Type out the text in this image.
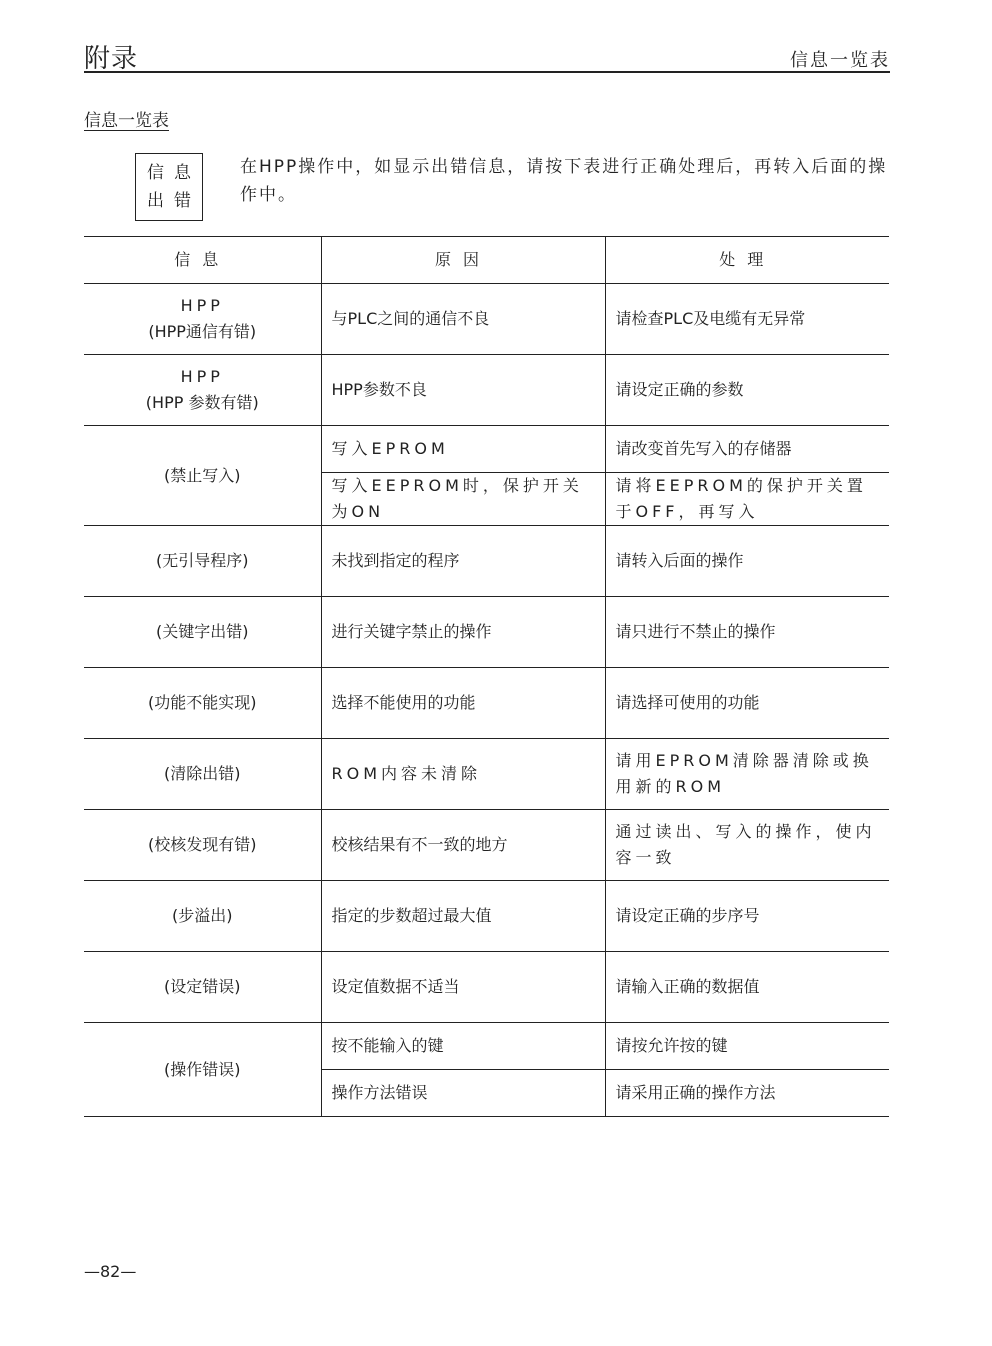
附录	信息一览表
信息一览表
信息
出错
在HPP操作中，如显示出错信息，请按下表进行正确处理后，再转入后面的操作中。
信息	原因	处理

HPP
(HPP通信有错)	与PLC之间的通信不良	请检查PLC及电缆有无异常

HPP
(HPP 参数有错)	HPP参数不良	请设定正确的参数
(禁止写入)	写入EPROM	请改变首先写入的存储器
	写入EEPROM时，保护开关为ON	请将EEPROM的保护开关置于OFF，再写入
(无引导程序)	未找到指定的程序	请转入后面的操作
(关键字出错)	进行关键字禁止的操作	请只进行不禁止的操作
(功能不能实现)	选择不能使用的功能	请选择可使用的功能
(清除出错)	ROM内容未清除	请用EPROM清除器清除或换用新的ROM
(校核发现有错)	校核结果有不一致的地方	通过读出、写入的操作，使内容一致
(步溢出)	指定的步数超过最大值	请设定正确的步序号
(设定错误)	设定值数据不适当	请输入正确的数据值
(操作错误)	按不能输入的键	请按允许按的键
	操作方法错误	请采用正确的操作方法
—82—
